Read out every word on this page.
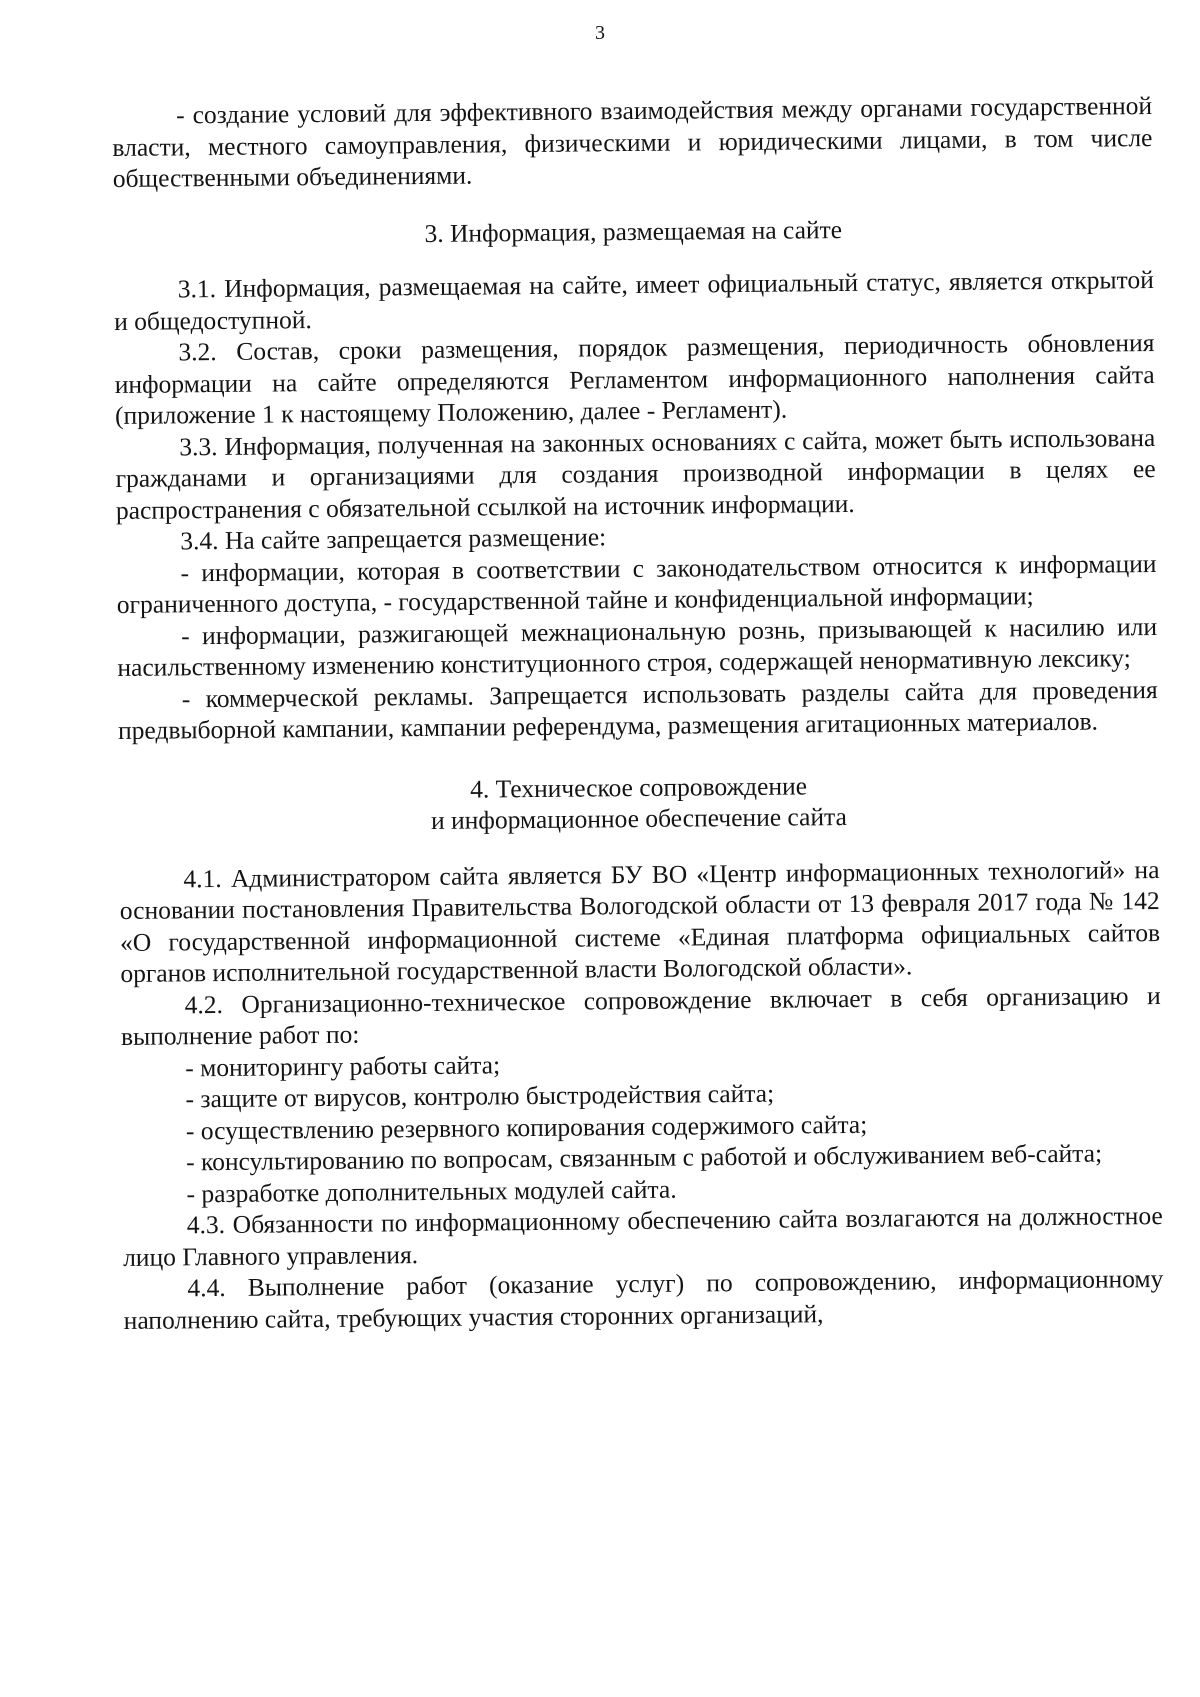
3

- создание условий для эффективного взаимодействия между органами государственной власти, местного самоуправления, физическими и юридическими лицами, в том числе общественными объединениями.

3. Информация, размещаемая на сайте

3.1. Информация, размещаемая на сайте, имеет официальный статус, является открытой и общедоступной.

3.2. Состав, сроки размещения, порядок размещения, периодичность обновления информации на сайте определяются Регламентом информационного наполнения сайта (приложение 1 к настоящему Положению, далее - Регламент).

3.3. Информация, полученная на законных основаниях с сайта, может быть использована гражданами и организациями для создания производной информации в целях ее распространения с обязательной ссылкой на источник информации.

3.4. На сайте запрещается размещение:

- информации, которая в соответствии с законодательством относится к информации ограниченного доступа, - государственной тайне и конфиденциальной информации;

- информации, разжигающей межнациональную рознь, призывающей к насилию или насильственному изменению конституционного строя, содержащей ненормативную лексику;

- коммерческой рекламы. Запрещается использовать разделы сайта для проведения предвыборной кампании, кампании референдума, размещения агитационных материалов.

4. Техническое сопровождение

и информационное обеспечение сайта

4.1. Администратором сайта является БУ ВО «Центр информационных технологий» на основании постановления Правительства Вологодской области от 13 февраля 2017 года № 142 «О государственной информационной системе «Единая платформа официальных сайтов органов исполнительной государственной власти Вологодской области».

4.2. Организационно-техническое сопровождение включает в себя организацию и выполнение работ по:

- мониторингу работы сайта;

- защите от вирусов, контролю быстродействия сайта;

- осуществлению резервного копирования содержимого сайта;

- консультированию по вопросам, связанным с работой и обслуживанием веб-сайта;

- разработке дополнительных модулей сайта.

4.3. Обязанности по информационному обеспечению сайта возлагаются на должностное лицо Главного управления.

4.4. Выполнение работ (оказание услуг) по сопровождению, информационному наполнению сайта, требующих участия сторонних организаций,
